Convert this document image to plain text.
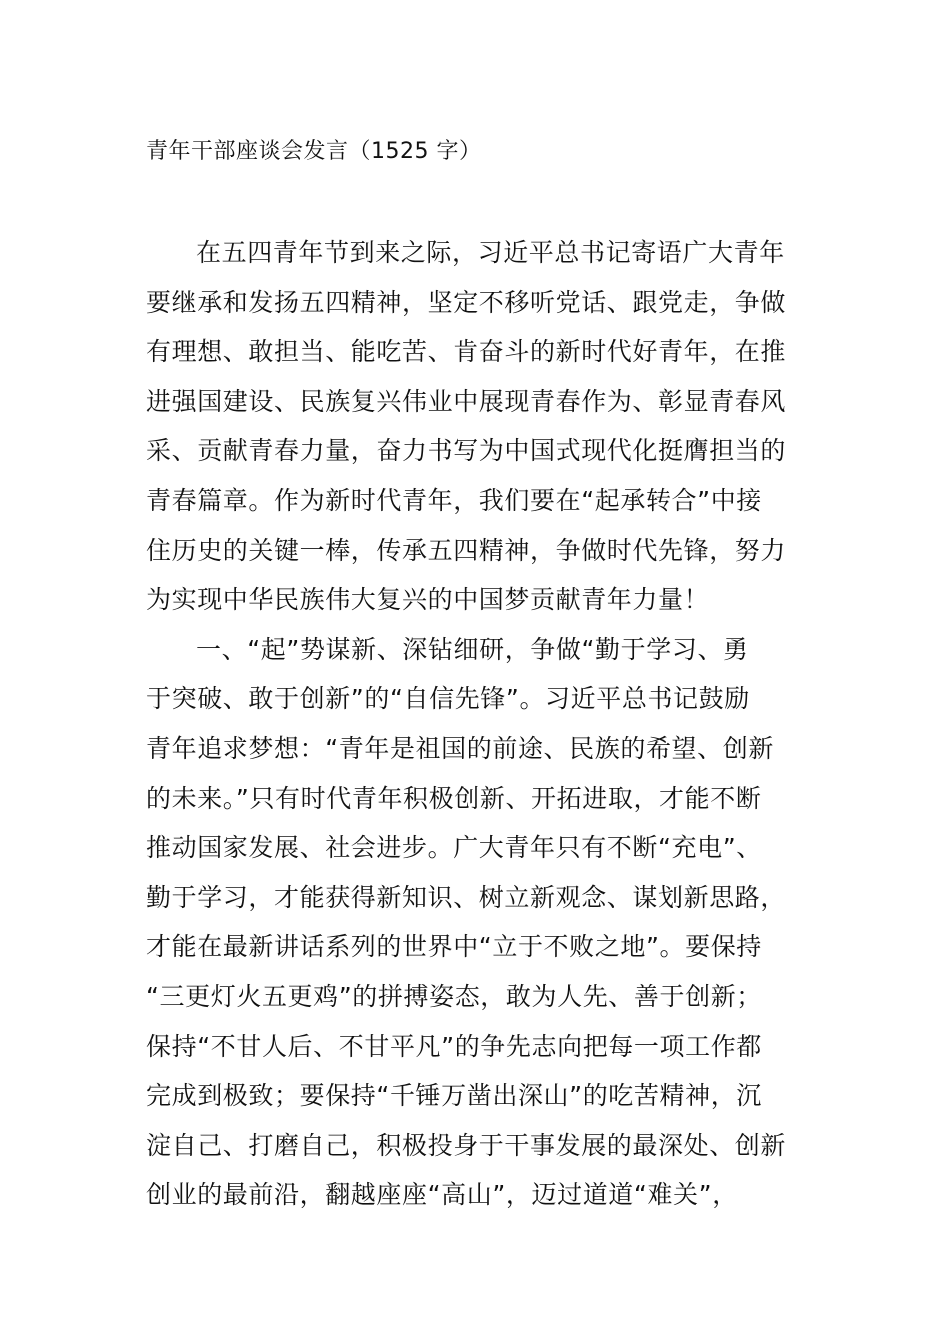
青年干部座谈会发言（1525 字）
在五四青年节到来之际，习近平总书记寄语广大青年
要继承和发扬五四精神，坚定不移听党话、跟党走，争做
有理想、敢担当、能吃苦、肯奋斗的新时代好青年，在推
进强国建设、民族复兴伟业中展现青春作为、彰显青春风
采、贡献青春力量，奋力书写为中国式现代化挺膺担当的
青春篇章。作为新时代青年，我们要在“起承转合”中接
住历史的关键一棒，传承五四精神，争做时代先锋，努力
为实现中华民族伟大复兴的中国梦贡献青年力量！
一、“起”势谋新、深钻细研，争做“勤于学习、勇
于突破、敢于创新”的“自信先锋”。习近平总书记鼓励
青年追求梦想：“青年是祖国的前途、民族的希望、创新
的未来。”只有时代青年积极创新、开拓进取，才能不断
推动国家发展、社会进步。广大青年只有不断“充电”、
勤于学习，才能获得新知识、树立新观念、谋划新思路，
才能在最新讲话系列的世界中“立于不败之地”。要保持
“三更灯火五更鸡”的拼搏姿态，敢为人先、善于创新；
保持“不甘人后、不甘平凡”的争先志向把每一项工作都
完成到极致；要保持“千锤万凿出深山”的吃苦精神，沉
淀自己、打磨自己，积极投身于干事发展的最深处、创新
创业的最前沿，翻越座座“高山”，迈过道道“难关”，
